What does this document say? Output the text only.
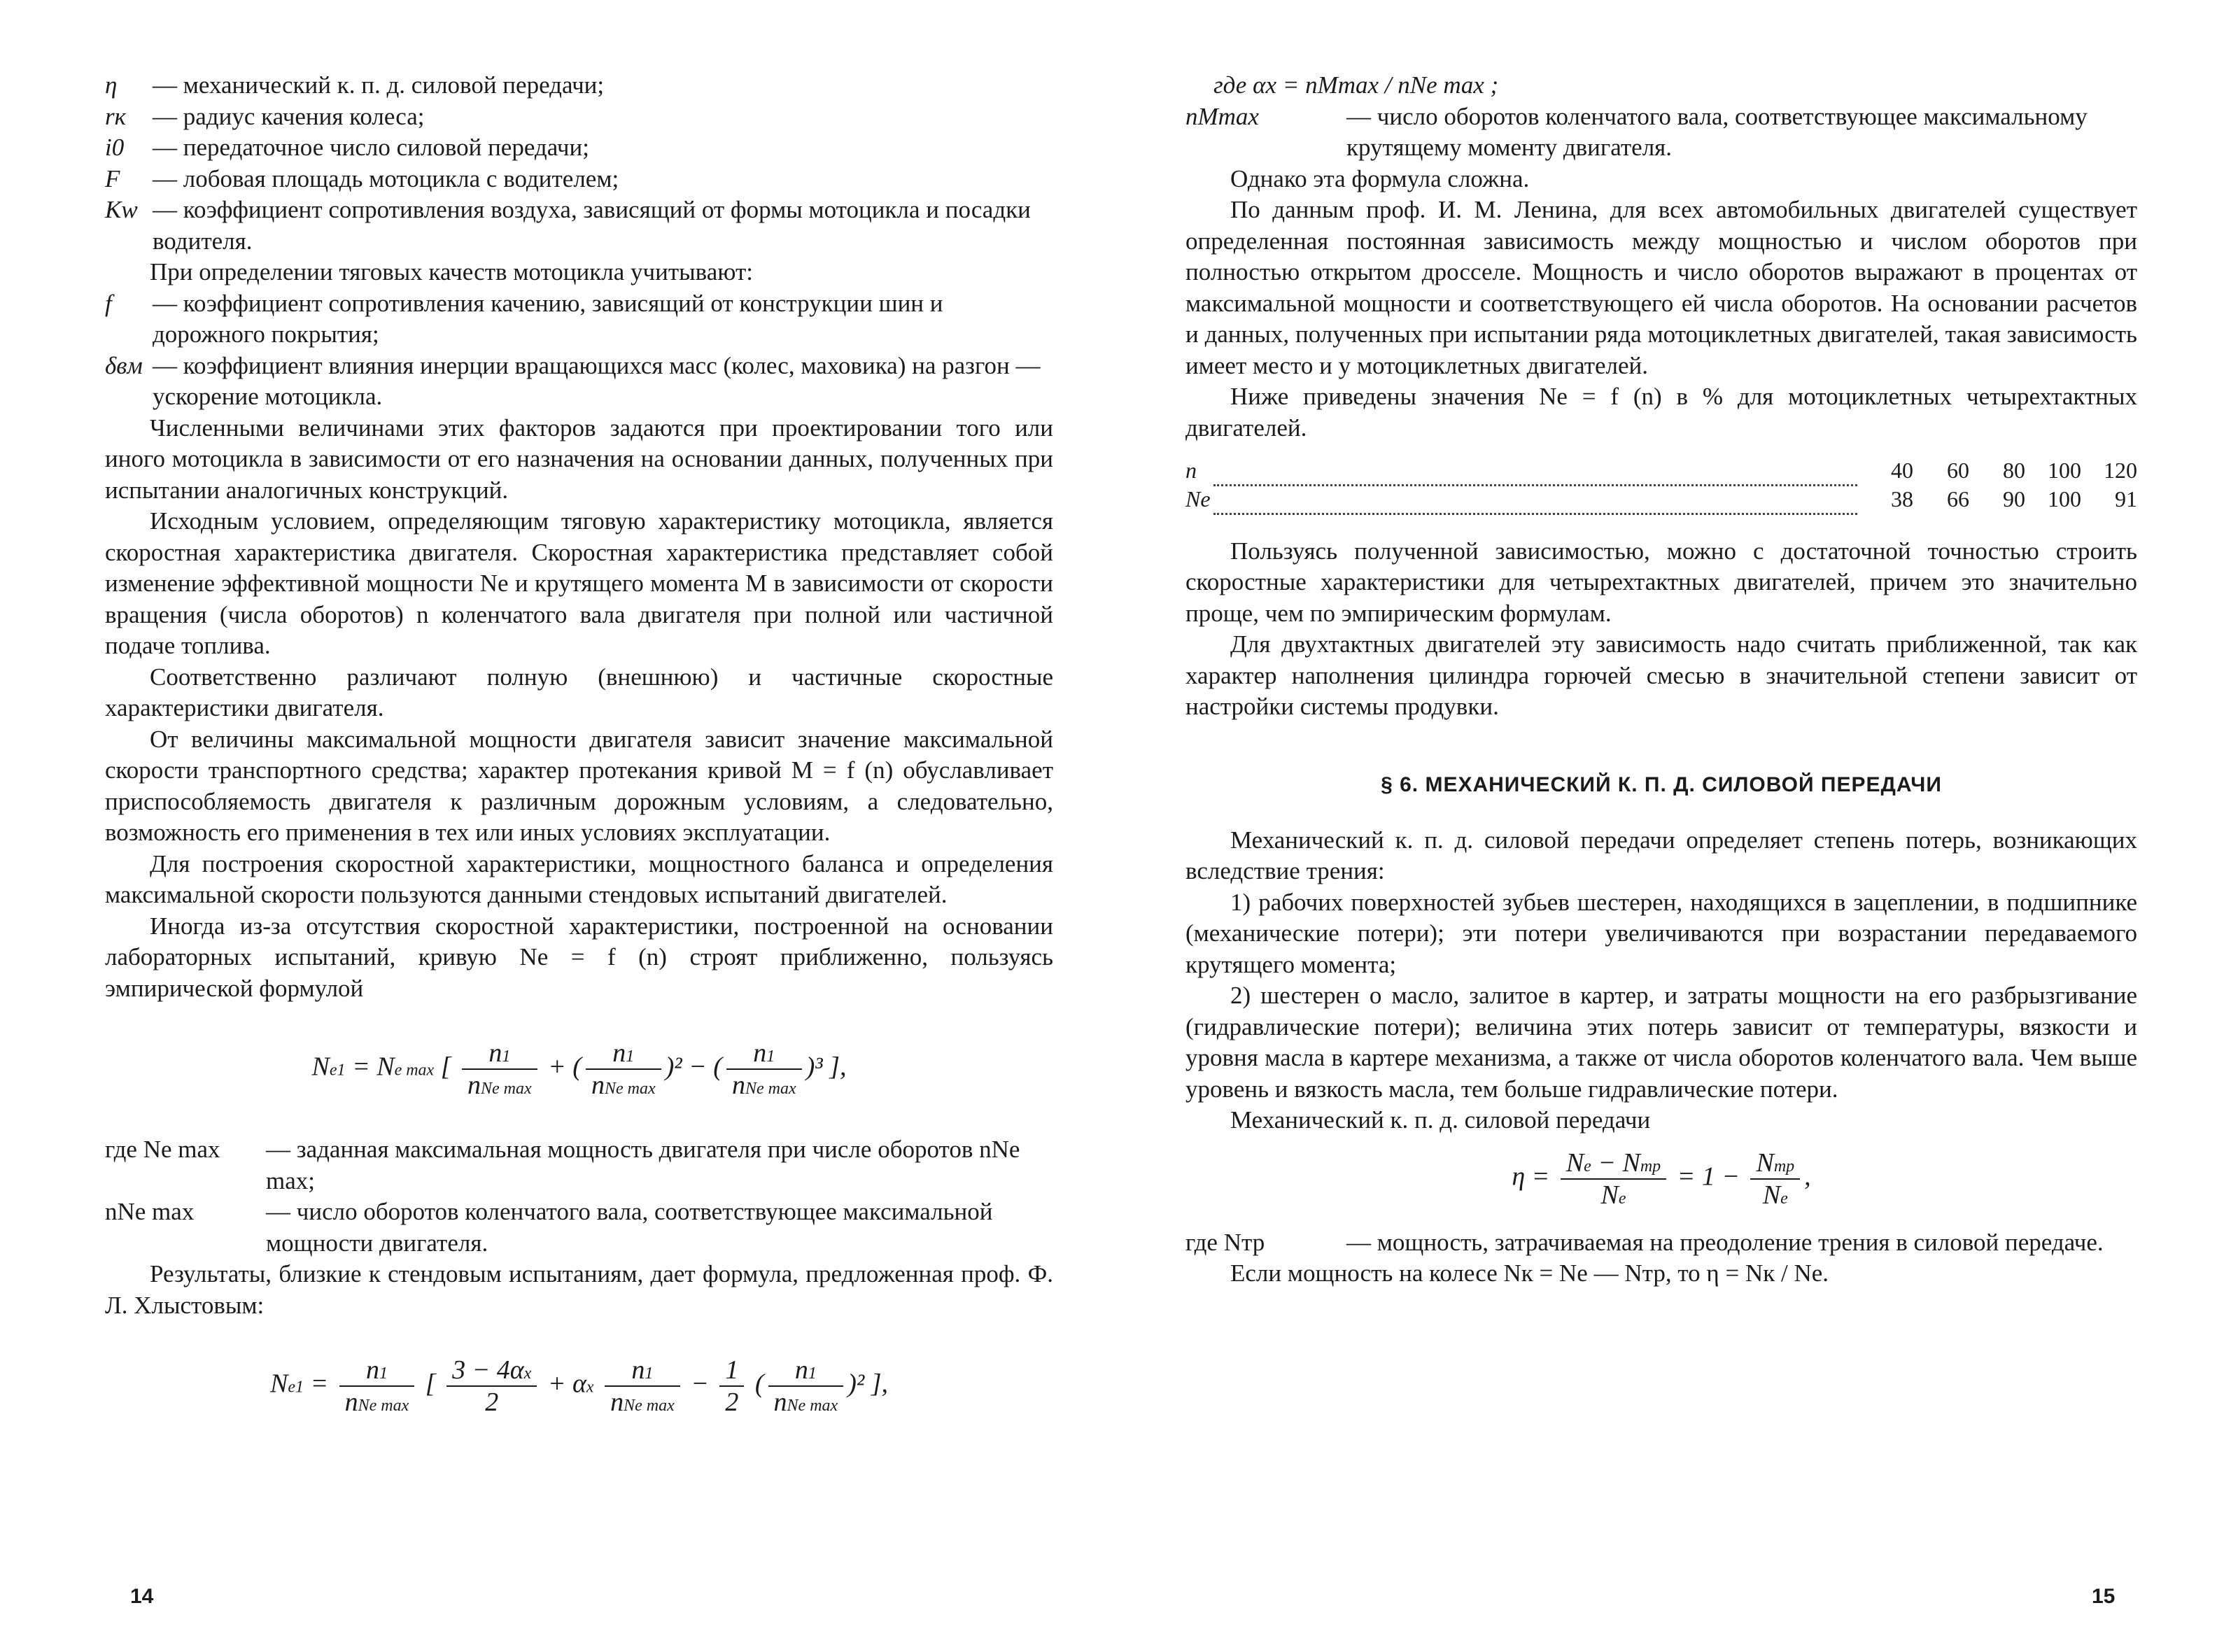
η	— механический к. п. д. силовой передачи;
rк	— радиус качения колеса;
i0	— передаточное число силовой передачи;
F	— лобовая площадь мотоцикла с водителем;
Kw — коэффициент сопротивления воздуха, зависящий от формы мотоцикла и посадки водителя.

При определении тяговых качеств мотоцикла учитывают:

f	— коэффициент сопротивления качению, зависящий от конструкции шин и дорожного покрытия;
δвм — коэффициент влияния инерции вращающихся масс (колес, маховика) на разгон — ускорение мотоцикла.

Численными величинами этих факторов задаются при проектировании того или иного мотоцикла в зависимости от его назначения на основании данных, полученных при испытании аналогичных конструкций.

Исходным условием, определяющим тяговую характеристику мотоцикла, является скоростная характеристика двигателя. Скоростная характеристика представляет собой изменение эффективной мощности Ne и крутящего момента M в зависимости от скорости вращения (числа оборотов) n коленчатого вала двигателя при полной или частичной подаче топлива.

Соответственно различают полную (внешнюю) и частичные скоростные характеристики двигателя.

От величины максимальной мощности двигателя зависит значение максимальной скорости транспортного средства; характер протекания кривой M = f (n) обуславливает приспособляемость двигателя к различным дорожным условиям, а следовательно, возможность его применения в тех или иных условиях эксплуатации.

Для построения скоростной характеристики, мощностного баланса и определения максимальной скорости пользуются данными стендовых испытаний двигателей.

Иногда из-за отсутствия скоростной характеристики, построенной на основании лабораторных испытаний, кривую Ne = f (n) строят приближенно, пользуясь эмпирической формулой

Ne1 = Ne max [ $\frac{n1}{\text{nNe max}}$ + ( $\frac{n1}{\text{nNe max}} )^2$ − ( $\frac{n1}{\text{nNe max}} )^3$ ],
где Ne max	— заданная максимальная мощность двигателя при числе оборотов nNe max;
nNe max	— число оборотов коленчатого вала, соответствующее максимальной мощности двигателя.

Результаты, близкие к стендовым испытаниям, дает формула, предложенная проф. Ф. Л. Хлыстовым:

$Ne1 = \frac{n1}{\text{nNe max}}$ [ $\frac{3 - 4\alpha x}{2} + \alpha x \frac{n1}{\text{nNe max}} - \frac{1}{2}$ ( $\frac{n1}{\text{nNe max}} )^2$ ],
14

где αx = nMmax / nNe max ;

nMmax	— число оборотов коленчатого вала, соответствующее максимальному крутящему моменту двигателя.

Однако эта формула сложна.

По данным проф. И. М. Ленина, для всех автомобильных двигателей существует определенная постоянная зависимость между мощностью и числом оборотов при полностью открытом дросселе. Мощность и число оборотов выражают в процентах от максимальной мощности и соответствующего ей числа оборотов. На основании расчетов и данных, полученных при испытании ряда мотоциклетных двигателей, такая зависимость имеет место и у мотоциклетных двигателей.

Ниже приведены значения Ne = f (n) в % для мотоциклетных четырехтактных двигателей.

n		40	60	80	100	120
Ne		38	66	90	100	91

Пользуясь полученной зависимостью, можно с достаточной точностью строить скоростные характеристики для четырехтактных двигателей, причем это значительно проще, чем по эмпирическим формулам.

Для двухтактных двигателей эту зависимость надо считать приближенной, так как характер наполнения цилиндра горючей смесью в значительной степени зависит от настройки системы продувки.

§ 6. МЕХАНИЧЕСКИЙ К. П. Д. СИЛОВОЙ ПЕРЕДАЧИ

Механический к. п. д. силовой передачи определяет степень потерь, возникающих вследствие трения:

1) рабочих поверхностей зубьев шестерен, находящихся в зацеплении, в подшипнике (механические потери); эти потери увеличиваются при возрастании передаваемого крутящего момента;

2) шестерен о масло, залитое в картер, и затраты мощности на его разбрызгивание (гидравлические потери); величина этих потерь зависит от температуры, вязкости и уровня масла в картере механизма, а также от числа оборотов коленчатого вала. Чем выше уровень и вязкость масла, тем больше гидравлические потери.

Механический к. п. д. силовой передачи

$\eta = \frac{\text{Ne − Nтр}}{Ne} = 1 - \frac{\text{Nтр}}{Ne}$ ,
где Nтр	— мощность, затрачиваемая на преодоление трения в силовой передаче.

Если мощность на колесе Nк = Ne — Nтр, то η = Nк / Ne.

15
